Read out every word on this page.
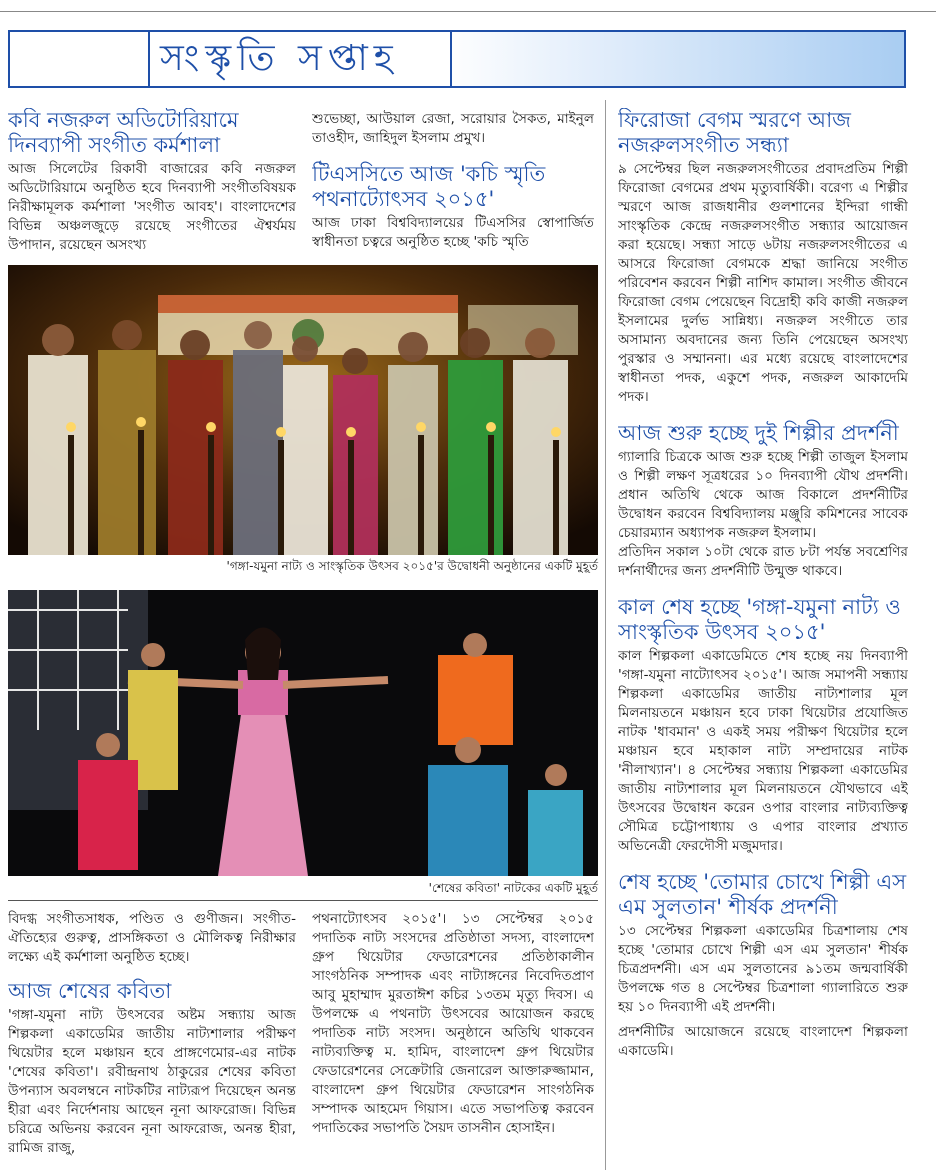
সংস্কৃতি সপ্তাহ
কবি নজরুল অডিটোরিয়ামে দিনব্যাপী সংগীত কর্মশালা

আজ সিলেটের রিকাবী বাজারের কবি নজরুল অডিটোরিয়ামে অনুষ্ঠিত হবে দিনব্যাপী সংগীতবিষয়ক নিরীক্ষামূলক কর্মশালা 'সংগীত আবহ'। বাংলাদেশের বিভিন্ন অঞ্চলজুড়ে রয়েছে সংগীতের ঐশ্বর্যময় উপাদান, রয়েছেন অসংখ্য

শুভেচ্ছা, আউয়াল রেজা, সরোয়ার সৈকত, মাইনুল তাওহীদ, জাহিদুল ইসলাম প্রমুখ।

টিএসসিতে আজ 'কচি স্মৃতি পথনাট্যোৎসব ২০১৫'

আজ ঢাকা বিশ্ববিদ্যালয়ের টিএসসির স্বোপার্জিত স্বাধীনতা চত্বরে অনুষ্ঠিত হচ্ছে 'কচি স্মৃতি

'গঙ্গা-যমুনা নাট্য ও সাংস্কৃতিক উৎসব ২০১৫'র উদ্বোধনী অনুষ্ঠানের একটি মুহূর্ত
'শেষের কবিতা' নাটকের একটি মুহূর্ত

বিদগ্ধ সংগীতসাধক, পণ্ডিত ও গুণীজন। সংগীত-ঐতিহ্যের গুরুত্ব, প্রাসঙ্গিকতা ও মৌলিকত্ব নিরীক্ষার লক্ষ্যে এই কর্মশালা অনুষ্ঠিত হচ্ছে।

আজ শেষের কবিতা

'গঙ্গা-যমুনা নাট্য উৎসবের অষ্টম সন্ধ্যায় আজ শিল্পকলা একাডেমির জাতীয় নাট্যশালার পরীক্ষণ থিয়েটার হলে মঞ্চায়ন হবে প্রাঙ্গণেমোর-এর নাটক 'শেষের কবিতা'। রবীন্দ্রনাথ ঠাকুরের শেষের কবিতা উপন্যাস অবলম্বনে নাটকটির নাট্যরূপ দিয়েছেন অনন্ত হীরা এবং নির্দেশনায় আছেন নূনা আফরোজ। বিভিন্ন চরিত্রে অভিনয় করবেন নূনা আফরোজ, অনন্ত হীরা, রামিজ রাজু,

পথনাট্যোৎসব ২০১৫'। ১৩ সেপ্টেম্বর ২০১৫ পদাতিক নাট্য সংসদের প্রতিষ্ঠাতা সদস্য, বাংলাদেশ গ্রুপ থিয়েটার ফেডারেশনের প্রতিষ্ঠাকালীন সাংগঠনিক সম্পাদক এবং নাট্যাঙ্গনের নিবেদিতপ্রাণ আবু মুহাম্মাদ মুরতাঈশ কচির ১৩তম মৃত্যু দিবস। এ উপলক্ষে এ পথনাট্য উৎসবের আয়োজন করছে পদাতিক নাট্য সংসদ। অনুষ্ঠানে অতিথি থাকবেন নাট্যব্যক্তিত্ব ম. হামিদ, বাংলাদেশ গ্রুপ থিয়েটার ফেডারেশনের সেক্রেটারি জেনারেল আক্তারুজ্জামান, বাংলাদেশ গ্রুপ থিয়েটার ফেডারেশন সাংগঠনিক সম্পাদক আহমেদ গিয়াস। এতে সভাপতিত্ব করবেন পদাতিকের সভাপতি সৈয়দ তাসনীন হোসাইন।

ফিরোজা বেগম স্মরণে আজ নজরুলসংগীত সন্ধ্যা

৯ সেপ্টেম্বর ছিল নজরুলসংগীতের প্রবাদপ্রতিম শিল্পী ফিরোজা বেগমের প্রথম মৃত্যুবার্ষিকী। বরেণ্য এ শিল্পীর স্মরণে আজ রাজধানীর গুলশানের ইন্দিরা গান্ধী সাংস্কৃতিক কেন্দ্রে নজরুলসংগীত সন্ধ্যার আয়োজন করা হয়েছে। সন্ধ্যা সাড়ে ৬টায় নজরুলসংগীতের এ আসরে ফিরোজা বেগমকে শ্রদ্ধা জানিয়ে সংগীত পরিবেশন করবেন শিল্পী নাশিদ কামাল। সংগীত জীবনে ফিরোজা বেগম পেয়েছেন বিদ্রোহী কবি কাজী নজরুল ইসলামের দুর্লভ সান্নিধ্য। নজরুল সংগীতে তার অসামান্য অবদানের জন্য তিনি পেয়েছেন অসংখ্য পুরস্কার ও সম্মাননা। এর মধ্যে রয়েছে বাংলাদেশের স্বাধীনতা পদক, একুশে পদক, নজরুল আকাদেমি পদক।

আজ শুরু হচ্ছে দুই শিল্পীর প্রদর্শনী

গ্যালারি চিত্রকে আজ শুরু হচ্ছে শিল্পী তাজুল ইসলাম ও শিল্পী লক্ষণ সূত্রধরের ১০ দিনব্যাপী যৌথ প্রদর্শনী। প্রধান অতিথি থেকে আজ বিকালে প্রদর্শনীটির উদ্বোধন করবেন বিশ্ববিদ্যালয় মঞ্জুরি কমিশনের সাবেক চেয়ারম্যান অধ্যাপক নজরুল ইসলাম।

প্রতিদিন সকাল ১০টা থেকে রাত ৮টা পর্যন্ত সবশ্রেণির দর্শনার্থীদের জন্য প্রদর্শনীটি উন্মুক্ত থাকবে।

কাল শেষ হচ্ছে 'গঙ্গা-যমুনা নাট্য ও সাংস্কৃতিক উৎসব ২০১৫'

কাল শিল্পকলা একাডেমিতে শেষ হচ্ছে নয় দিনব্যাপী 'গঙ্গা-যমুনা নাট্যোৎসব ২০১৫'। আজ সমাপনী সন্ধ্যায় শিল্পকলা একাডেমির জাতীয় নাট্যশালার মূল মিলনায়তনে মঞ্চায়ন হবে ঢাকা থিয়েটার প্রযোজিত নাটক 'ধাবমান' ও একই সময় পরীক্ষণ থিয়েটার হলে মঞ্চায়ন হবে মহাকাল নাট্য সম্প্রদায়ের নাটক 'নীলাখ্যান'। ৪ সেপ্টেম্বর সন্ধ্যায় শিল্পকলা একাডেমির জাতীয় নাট্যশালার মূল মিলনায়তনে যৌথভাবে এই উৎসবের উদ্বোধন করেন ওপার বাংলার নাট্যব্যক্তিত্ব সৌমিত্র চট্টোপাধ্যায় ও এপার বাংলার প্রখ্যাত অভিনেত্রী ফেরদৌসী মজুমদার।

শেষ হচ্ছে 'তোমার চোখে শিল্পী এস এম সুলতান' শীর্ষক প্রদর্শনী

১৩ সেপ্টেম্বর শিল্পকলা একাডেমির চিত্রশালায় শেষ হচ্ছে 'তোমার চোখে শিল্পী এস এম সুলতান' শীর্ষক চিত্রপ্রদর্শনী। এস এম সুলতানের ৯১তম জন্মবার্ষিকী উপলক্ষে গত ৪ সেপ্টেম্বর চিত্রশালা গ্যালারিতে শুরু হয় ১০ দিনব্যাপী এই প্রদর্শনী।

প্রদর্শনীটির আয়োজনে রয়েছে বাংলাদেশ শিল্পকলা একাডেমি।
